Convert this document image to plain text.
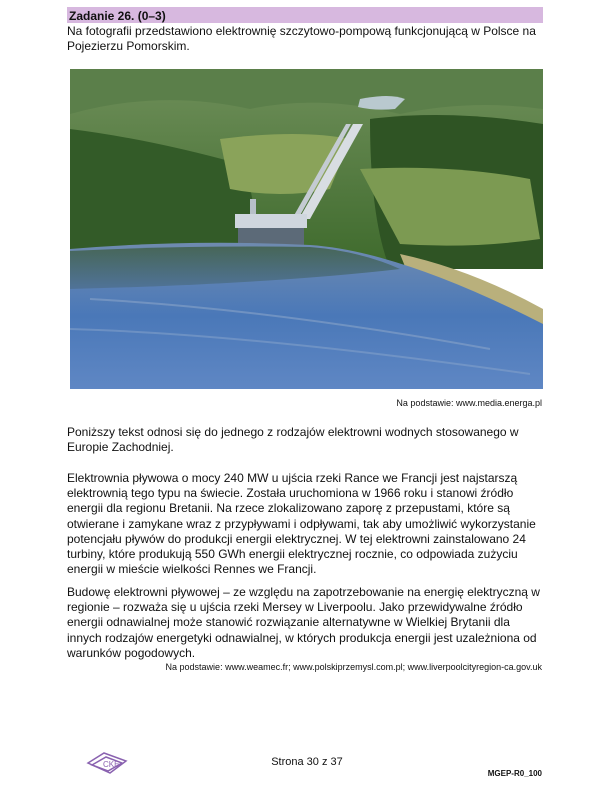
Zadanie 26. (0–3)
Na fotografii przedstawiono elektrownię szczytowo-pompową funkcjonującą w Polsce na Pojezierzu Pomorskim.
Na podstawie: www.media.energa.pl

Poniższy tekst odnosi się do jednego z rodzajów elektrowni wodnych stosowanego w Europie Zachodniej.

Elektrownia pływowa o mocy 240 MW u ujścia rzeki Rance we Francji jest najstarszą elektrownią tego typu na świecie. Została uruchomiona w 1966 roku i stanowi źródło energii dla regionu Bretanii. Na rzece zlokalizowano zaporę z przepustami, które są otwierane i zamykane wraz z przypływami i odpływami, tak aby umożliwić wykorzystanie potencjału pływów do produkcji energii elektrycznej. W tej elektrowni zainstalowano 24 turbiny, które produkują 550 GWh energii elektrycznej rocznie, co odpowiada zużyciu energii w mieście wielkości Rennes we Francji.

Budowę elektrowni pływowej – ze względu na zapotrzebowanie na energię elektryczną w regionie – rozważa się u ujścia rzeki Mersey w Liverpoolu. Jako przewidywalne źródło energii odnawialnej może stanowić rozwiązanie alternatywne w Wielkiej Brytanii dla innych rodzajów energetyki odnawialnej, w których produkcja energii jest uzależniona od warunków pogodowych.

Na podstawie: www.weamec.fr; www.polskiprzemysl.com.pl; www.liverpoolcityregion-ca.gov.uk
CKE	Strona 30 z 37
MGEP-R0_100
